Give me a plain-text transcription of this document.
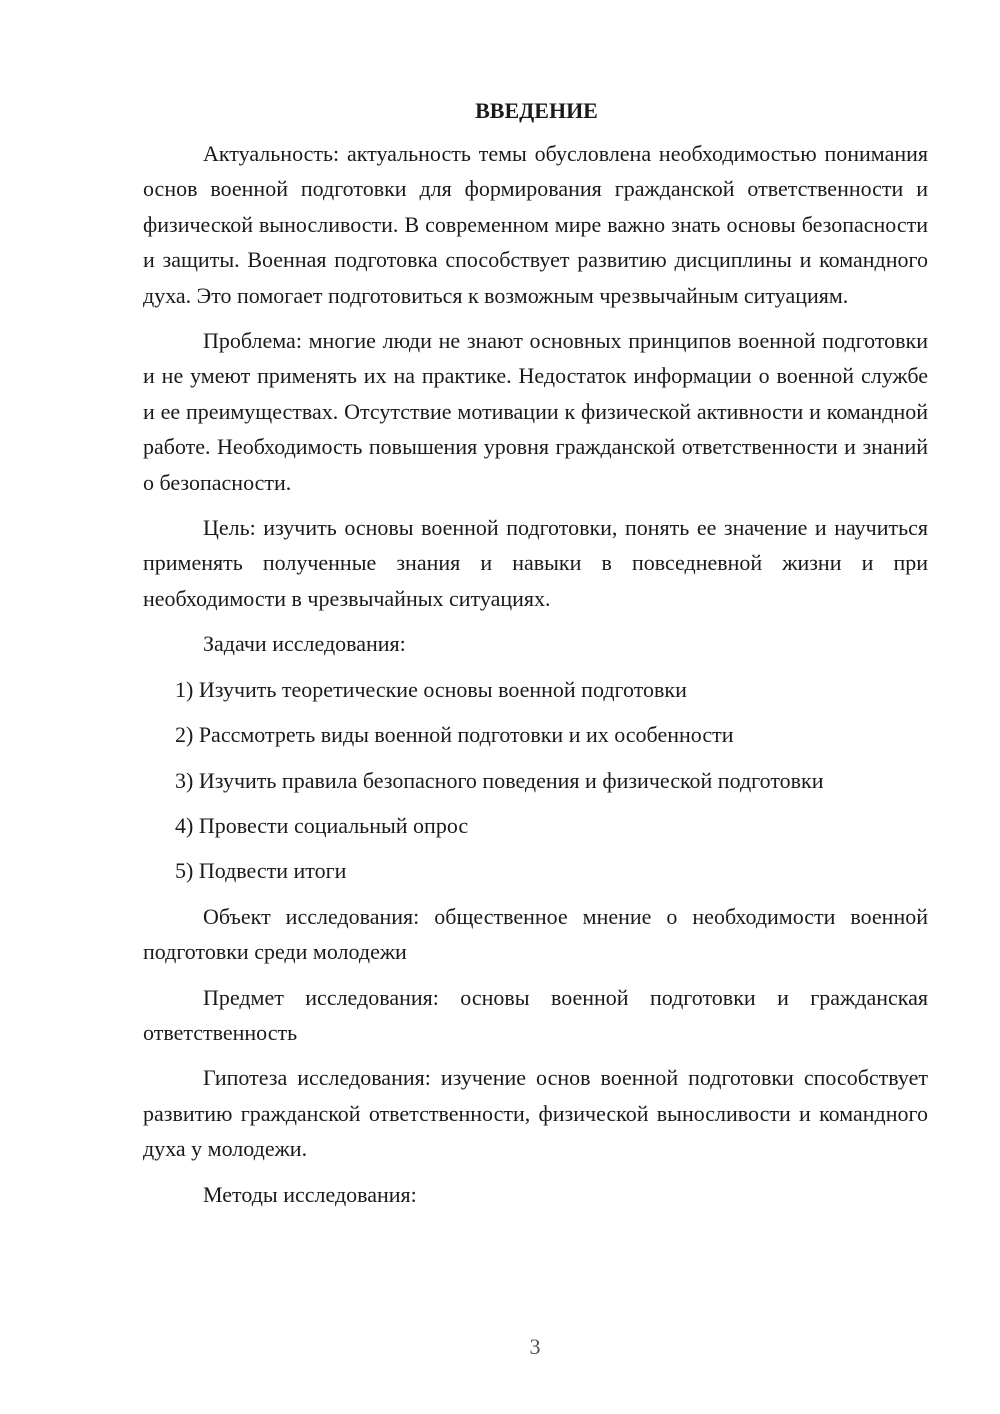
ВВЕДЕНИЕ

Актуальность: актуальность темы обусловлена необходимостью понимания основ военной подготовки для формирования гражданской ответственности и физической выносливости. В современном мире важно знать основы безопасности и защиты. Военная подготовка способствует развитию дисциплины и командного духа. Это помогает подготовиться к возможным чрезвычайным ситуациям.

Проблема: многие люди не знают основных принципов военной подготовки и не умеют применять их на практике. Недостаток информации о военной службе и ее преимуществах. Отсутствие мотивации к физической активности и командной работе. Необходимость повышения уровня гражданской ответственности и знаний о безопасности.

Цель: изучить основы военной подготовки, понять ее значение и научиться применять полученные знания и навыки в повседневной жизни и при необходимости в чрезвычайных ситуациях.

Задачи исследования:

1) Изучить теоретические основы военной подготовки
2) Рассмотреть виды военной подготовки и их особенности
3) Изучить правила безопасного поведения и физической подготовки
4) Провести социальный опрос
5) Подвести итоги

Объект исследования: общественное мнение о необходимости военной подготовки среди молодежи

Предмет исследования: основы военной подготовки и гражданская ответственность

Гипотеза исследования: изучение основ военной подготовки способствует развитию гражданской ответственности, физической выносливости и командного духа у молодежи.

Методы исследования:

3
